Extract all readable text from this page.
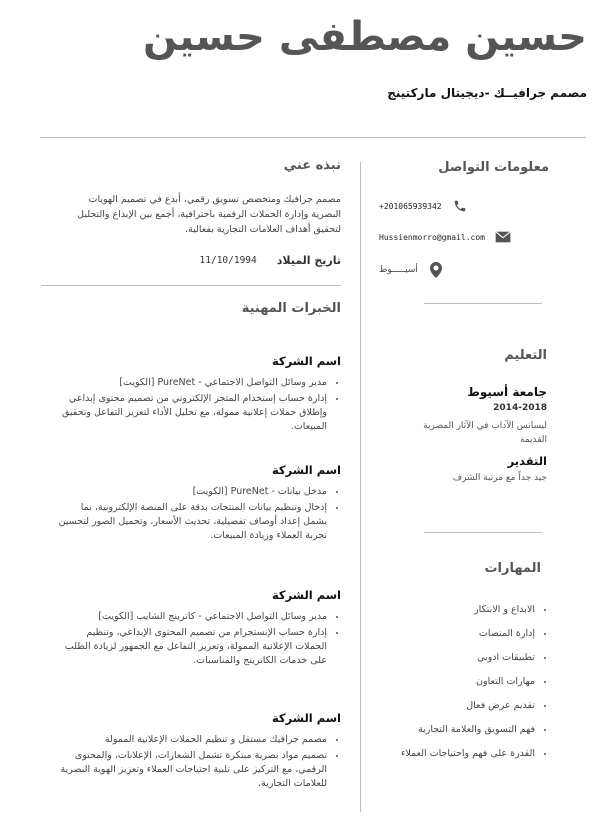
حسين مصطفى حسين
مصمم جرافيــك -ديجيتال ماركتينج
معلومات التواصل
+201065939342
Hussienmorro@gmail.com
أسيـــــوط
التعليم
جامعة أسيوط
2014-2018
ليسانس الآداب في الآثار المصرية القديمة
التقدير
جيد جداً مع مرتبة الشرف
المهارات
• الابداع و الابتكار
• إدارة المنصات
• تطبيقات ادوبي
• مهارات التعاون
• تقديم عرض فعال
• فهم التسويق والعلامة التجارية
• القدرة على فهم واحتياجات العملاء
نبذه عني
مصمم جرافيك ومتخصص تسويق رقمي، أبدع في تصميم الهويات البصرية وإدارة الحملات الرقمية باحترافية، أجمع بين الإبداع والتحليل لتحقيق أهداف العلامات التجارية بفعالية.
تاريخ الميلاد
11/10/1994
الخبرات المهنية
اسم الشركة
• مدير وسائل التواصل الاجتماعي - PureNet [الكويت]
• إدارة حساب إستخدام المتجر الإلكتروني من تصميم محتوى إبداعي وإطلاق حملات إعلانية ممولة، مع تحليل الأداء لتعزيز التفاعل وتحقيق المبيعات.
اسم الشركة
• مدخل بيانات - PureNet [الكويت]
• إدخال وتنظيم بيانات المنتجات بدقة على المنصة الإلكترونية، بما يشمل إعداد أوصاف تفصيلية، تحديث الأسعار، وتحميل الصور لتحسين تجربة العملاء وزيادة المبيعات.
اسم الشركة
• مدير وسائل التواصل الاجتماعي - كاترينج الشايب [الكويت]
• إدارة حساب الإنستجرام من تصميم المحتوى الإبداعي، وتنظيم الحملات الإعلانية الممولة، وتعزيز التفاعل مع الجمهور لزيادة الطلب على خدمات الكاترينج والمناسبات.
اسم الشركة
• مصمم جرافيك مستقل و تنظيم الحملات الإعلانية الممولة
• تصميم مواد بصرية مبتكرة تشمل الشعارات، الإعلانات، والمحتوى الرقمي، مع التركيز على تلبية احتياجات العملاء وتعزيز الهوية البصرية للعلامات التجارية.
